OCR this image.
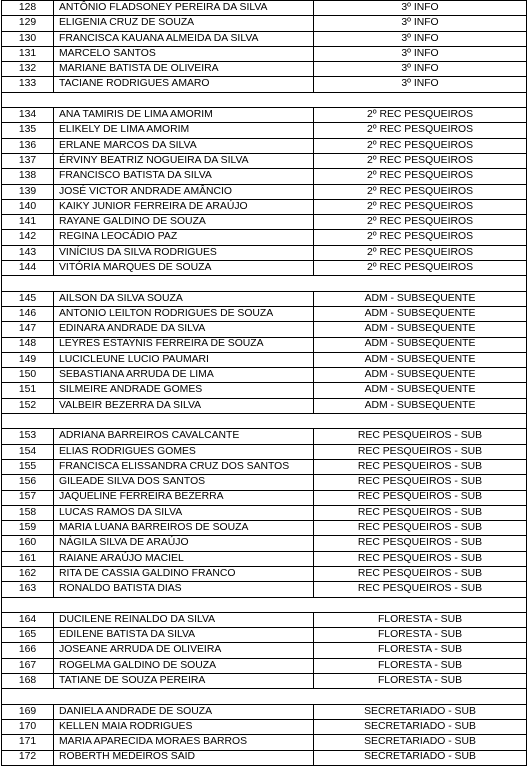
128	ANTÔNIO FLADSONEY PEREIRA DA SILVA	3º INFO
129	ELIGENIA CRUZ DE SOUZA	3º INFO
130	FRANCISCA KAUANA ALMEIDA DA SILVA	3º INFO
131	MARCELO SANTOS	3º INFO
132	MARIANE BATISTA DE OLIVEIRA	3º INFO
133	TACIANE RODRIGUES AMARO	3º INFO

134	ANA TAMIRIS DE LIMA AMORIM	2º REC PESQUEIROS
135	ELIKELY DE LIMA AMORIM	2º REC PESQUEIROS
136	ERLANE MARCOS DA SILVA	2º REC PESQUEIROS
137	ÉRVINY BEATRIZ NOGUEIRA DA SILVA	2º REC PESQUEIROS
138	FRANCISCO BATISTA DA SILVA	2º REC PESQUEIROS
139	JOSÉ VICTOR ANDRADE AMÂNCIO	2º REC PESQUEIROS
140	KAIKY JUNIOR FERREIRA DE ARAÚJO	2º REC PESQUEIROS
141	RAYANE GALDINO DE SOUZA	2º REC PESQUEIROS
142	REGINA LEOCÁDIO PAZ	2º REC PESQUEIROS
143	VINÍCIUS DA SILVA RODRIGUES	2º REC PESQUEIROS
144	VITÓRIA MARQUES DE SOUZA	2º REC PESQUEIROS

145	AILSON DA SILVA SOUZA	ADM - SUBSEQUENTE
146	ANTONIO LEILTON RODRIGUES DE SOUZA	ADM - SUBSEQUENTE
147	EDINARA ANDRADE DA SILVA	ADM - SUBSEQUENTE
148	LEYRES ESTAYNIS FERREIRA DE SOUZA	ADM - SUBSEQUENTE
149	LUCICLEUNE LUCIO PAUMARI	ADM - SUBSEQUENTE
150	SEBASTIANA ARRUDA DE LIMA	ADM - SUBSEQUENTE
151	SILMEIRE ANDRADE GOMES	ADM - SUBSEQUENTE
152	VALBEIR BEZERRA DA SILVA	ADM - SUBSEQUENTE

153	ADRIANA BARREIROS CAVALCANTE	REC PESQUEIROS - SUB
154	ELIAS RODRIGUES GOMES	REC PESQUEIROS - SUB
155	FRANCISCA ELISSANDRA CRUZ DOS SANTOS	REC PESQUEIROS - SUB
156	GILEADE SILVA DOS SANTOS	REC PESQUEIROS - SUB
157	JAQUELINE FERREIRA BEZERRA	REC PESQUEIROS - SUB
158	LUCAS RAMOS DA SILVA	REC PESQUEIROS - SUB
159	MARIA LUANA BARREIROS DE SOUZA	REC PESQUEIROS - SUB
160	NÁGILA SILVA DE ARAÚJO	REC PESQUEIROS - SUB
161	RAIANE ARAÚJO MACIEL	REC PESQUEIROS - SUB
162	RITA DE CASSIA GALDINO FRANCO	REC PESQUEIROS - SUB
163	RONALDO BATISTA DIAS	REC PESQUEIROS - SUB

164	DUCILENE REINALDO DA SILVA	FLORESTA - SUB
165	EDILENE BATISTA DA SILVA	FLORESTA - SUB
166	JOSEANE ARRUDA DE OLIVEIRA	FLORESTA - SUB
167	ROGELMA GALDINO DE SOUZA	FLORESTA - SUB
168	TATIANE DE SOUZA PEREIRA	FLORESTA - SUB

169	DANIELA ANDRADE DE SOUZA	SECRETARIADO - SUB
170	KELLEN MAIA RODRIGUES	SECRETARIADO - SUB
171	MARIA APARECIDA MORAES BARROS	SECRETARIADO - SUB
172	ROBERTH MEDEIROS SAID	SECRETARIADO - SUB
